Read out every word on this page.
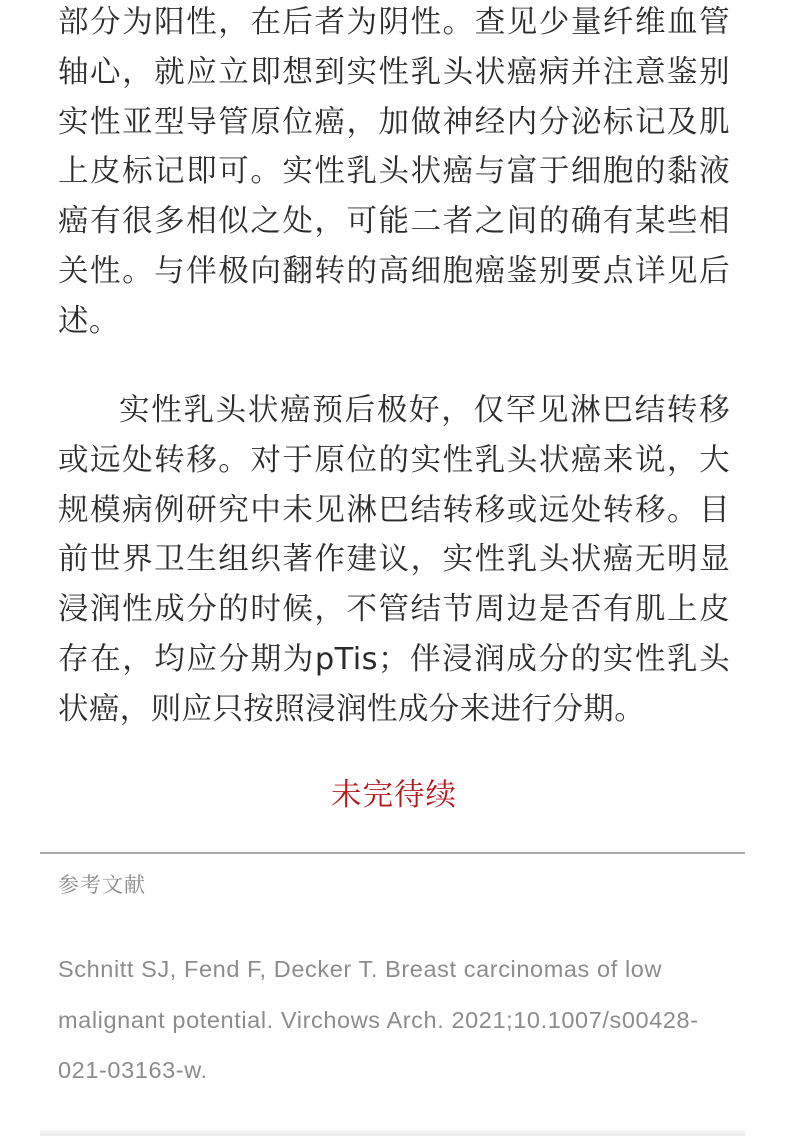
部分为阳性，在后者为阴性。查见少量纤维血管轴心，就应立即想到实性乳头状癌病并注意鉴别实性亚型导管原位癌，加做神经内分泌标记及肌上皮标记即可。实性乳头状癌与富于细胞的黏液癌有很多相似之处，可能二者之间的确有某些相关性。与伴极向翻转的高细胞癌鉴别要点详见后述。

实性乳头状癌预后极好，仅罕见淋巴结转移或远处转移。对于原位的实性乳头状癌来说，大规模病例研究中未见淋巴结转移或远处转移。目前世界卫生组织著作建议，实性乳头状癌无明显浸润性成分的时候，不管结节周边是否有肌上皮存在，均应分期为pTis；伴浸润成分的实性乳头状癌，则应只按照浸润性成分来进行分期。

未完待续
参考文献

Schnitt SJ, Fend F, Decker T. Breast carcinomas of low malignant potential. Virchows Arch. 2021;10.1007/s00428-021-03163-w.
